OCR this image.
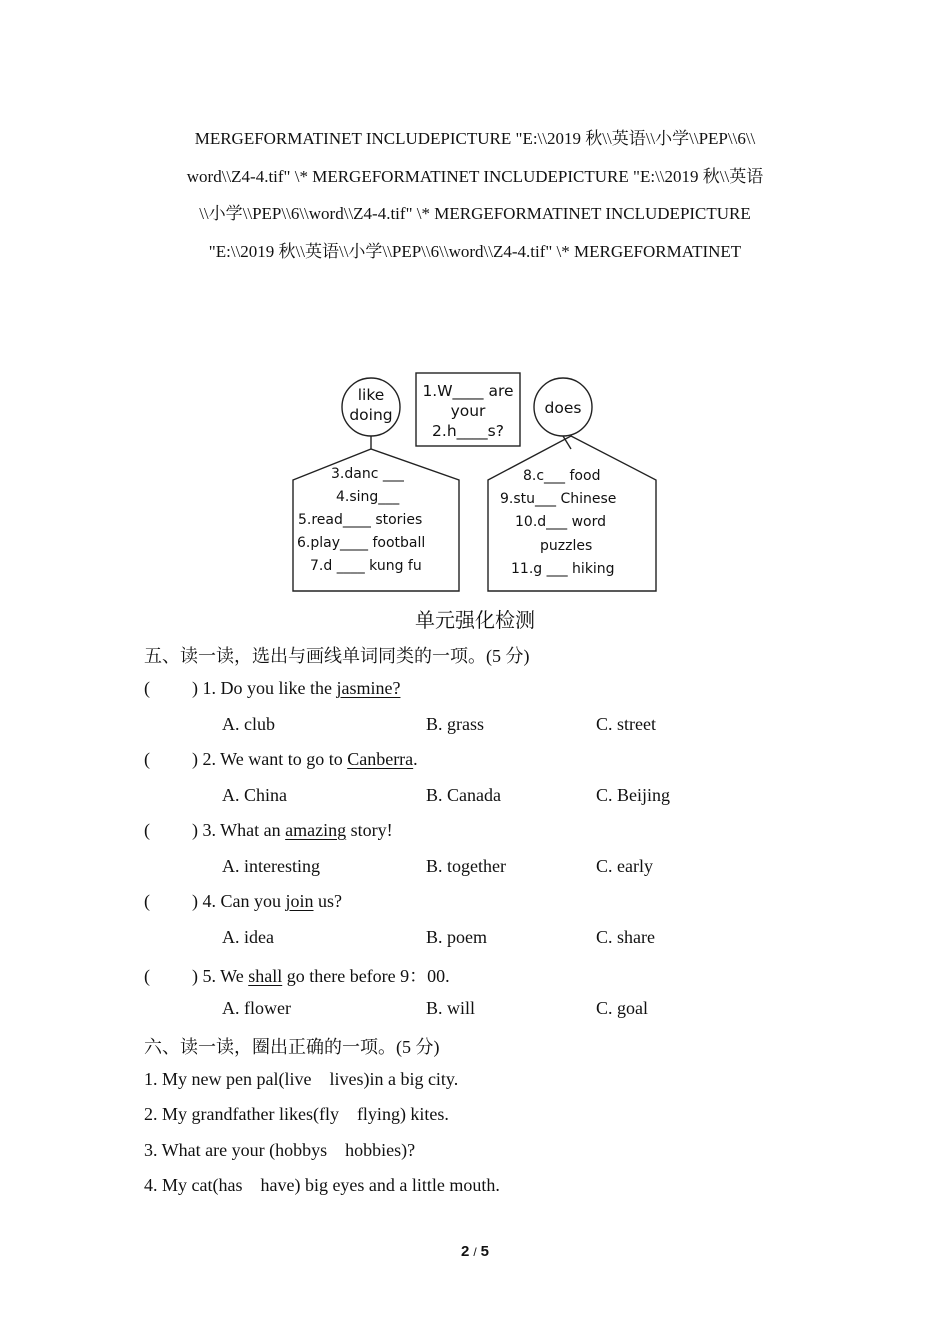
MERGEFORMATINET INCLUDEPICTURE "E:\\2019 秋\\英语\\小学\\PEP\\6\\
word\\Z4-4.tif" \* MERGEFORMATINET INCLUDEPICTURE "E:\\2019 秋\\英语
\\小学\\PEP\\6\\word\\Z4-4.tif" \* MERGEFORMATINET INCLUDEPICTURE
"E:\\2019 秋\\英语\\小学\\PEP\\6\\word\\Z4-4.tif" \* MERGEFORMATINET
like
doing
1.W____ are
your
2.h____s?
does
3.danc ___
4.sing___
5.read____ stories
6.play____ football
7.d ____ kung fu
8.c___ food
9.stu___ Chinese
10.d___ word
puzzles
11.g ___ hiking
单元强化检测
五、读一读，选出与画线单词同类的一项。(5 分)
( ) 1. Do you like the jasmine?
A. club	B. grass	C. street
( ) 2. We want to go to Canberra.
A. China	B. Canada	C. Beijing
( ) 3. What an amazing story!
A. interesting	B. together	C. early
( ) 4. Can you join us?
A. idea	B. poem	C. share
( ) 5. We shall go there before 9：00.
A. flower	B. will	C. goal
六、读一读，圈出正确的一项。(5 分)
1. My new pen pal(live    lives)in a big city.
2. My grandfather likes(fly    flying) kites.
3. What are your (hobbys    hobbies)?
4. My cat(has    have) big eyes and a little mouth.
2 / 5
